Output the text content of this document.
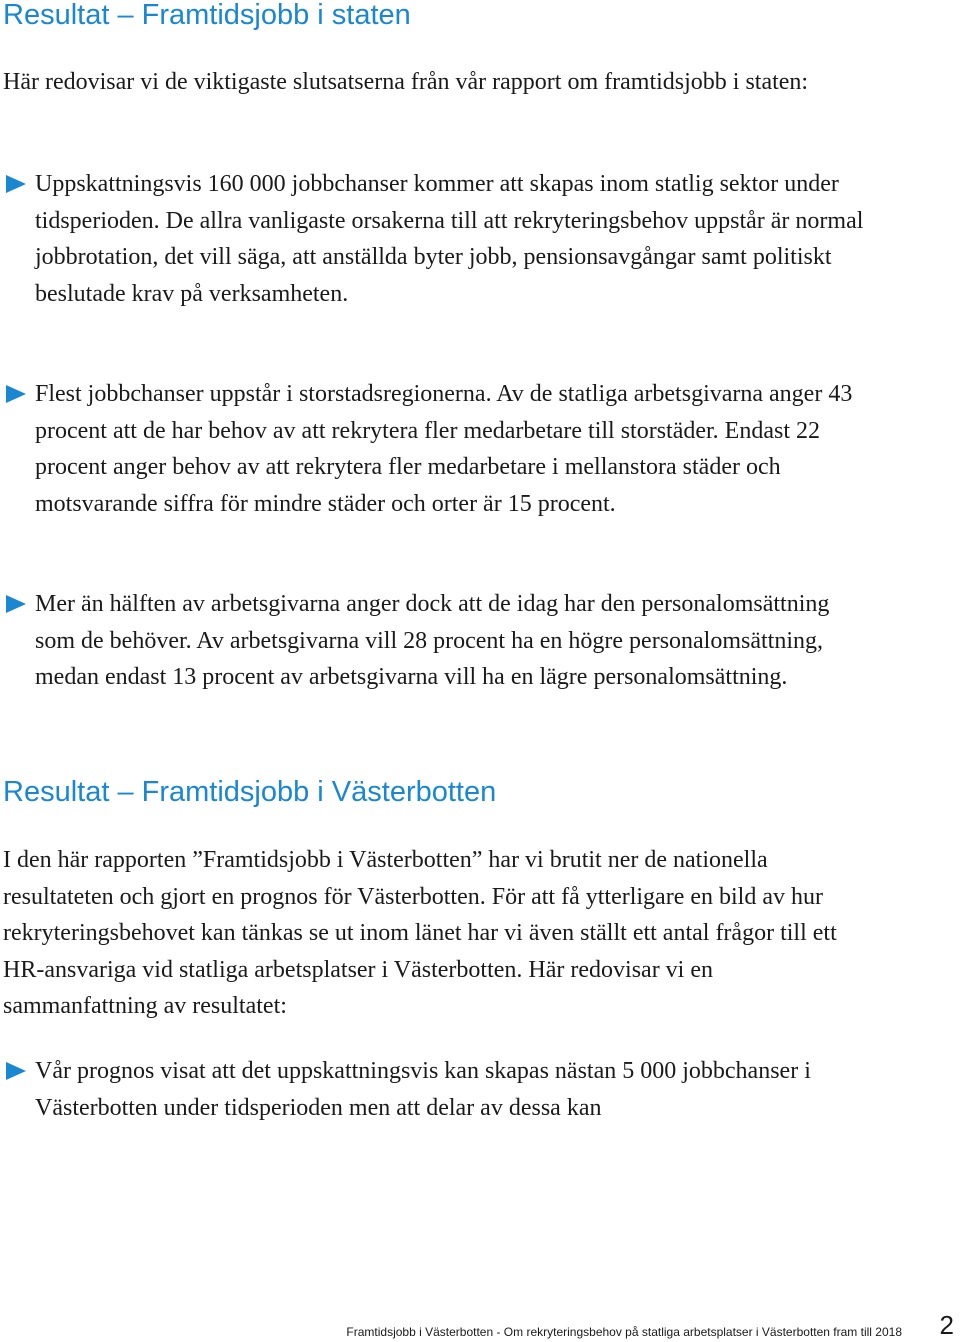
Resultat – Framtidsjobb i staten

Här redovisar vi de viktigaste slutsatserna från vår rapport om framtidsjobb i staten:

Uppskattningsvis 160 000 jobbchanser kommer att skapas inom statlig sektor under tidsperioden. De allra vanligaste orsakerna till att rekryteringsbehov uppstår är normal jobbrotation, det vill säga, att anställda byter jobb, pensionsavgångar samt politiskt beslutade krav på verksamheten.
Flest jobbchanser uppstår i storstadsregionerna. Av de statliga arbetsgivarna anger 43 procent att de har behov av att rekrytera fler medarbetare till storstäder. Endast 22 procent anger behov av att rekrytera fler medarbetare i mellanstora städer och motsvarande siffra för mindre städer och orter är 15 procent.
Mer än hälften av arbetsgivarna anger dock att de idag har den personalomsättning som de behöver. Av arbetsgivarna vill 28 procent ha en högre personalomsättning, medan endast 13 procent av arbetsgivarna vill ha en lägre personalomsättning.
Resultat – Framtidsjobb i Västerbotten

I den här rapporten ”Framtidsjobb i Västerbotten” har vi brutit ner de nationella resultateten och gjort en prognos för Västerbotten. För att få ytterligare en bild av hur rekryteringsbehovet kan tänkas se ut inom länet har vi även ställt ett antal frågor till ett HR-ansvariga vid statliga arbetsplatser i Västerbotten. Här redovisar vi en sammanfattning av resultatet:

Vår prognos visat att det uppskattningsvis kan skapas nästan 5 000 jobbchanser i Västerbotten under tidsperioden men att delar av dessa kan
Framtidsjobb i Västerbotten - Om rekryteringsbehov på statliga arbetsplatser i Västerbotten fram till 2018 2
